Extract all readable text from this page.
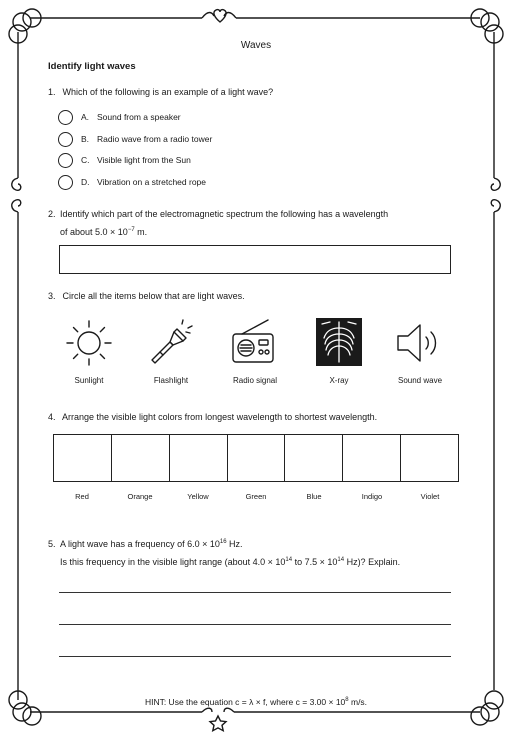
Waves
Identify light waves
1. Which of the following is an example of a light wave?
A. Sound from a speaker
B. Radio wave from a radio tower
C. Visible light from the Sun
D. Vibration on a stretched rope
2. Identify which part of the electromagnetic spectrum the following has a wavelength
of about $5.0 \times 10^{-7}$ m.
3. Circle all the items below that are light waves.
Sunlight	Flashlight	Radio signal	X-ray	Sound wave
4. Arrange the visible light colors from longest wavelength to shortest wavelength.
Red	Orange	Yellow	Green	Blue	Indigo	Violet
5. A light wave has a frequency of $6.0 \times 10^{16}$ Hz.
Is this frequency in the visible light range (about $4.0 \times 10^{14}$ to $7.5 \times 10^{14}$ Hz)? Explain.
HINT: Use the equation c = λ × f, where $c = 3.00 \times 10^8$ m/s.
